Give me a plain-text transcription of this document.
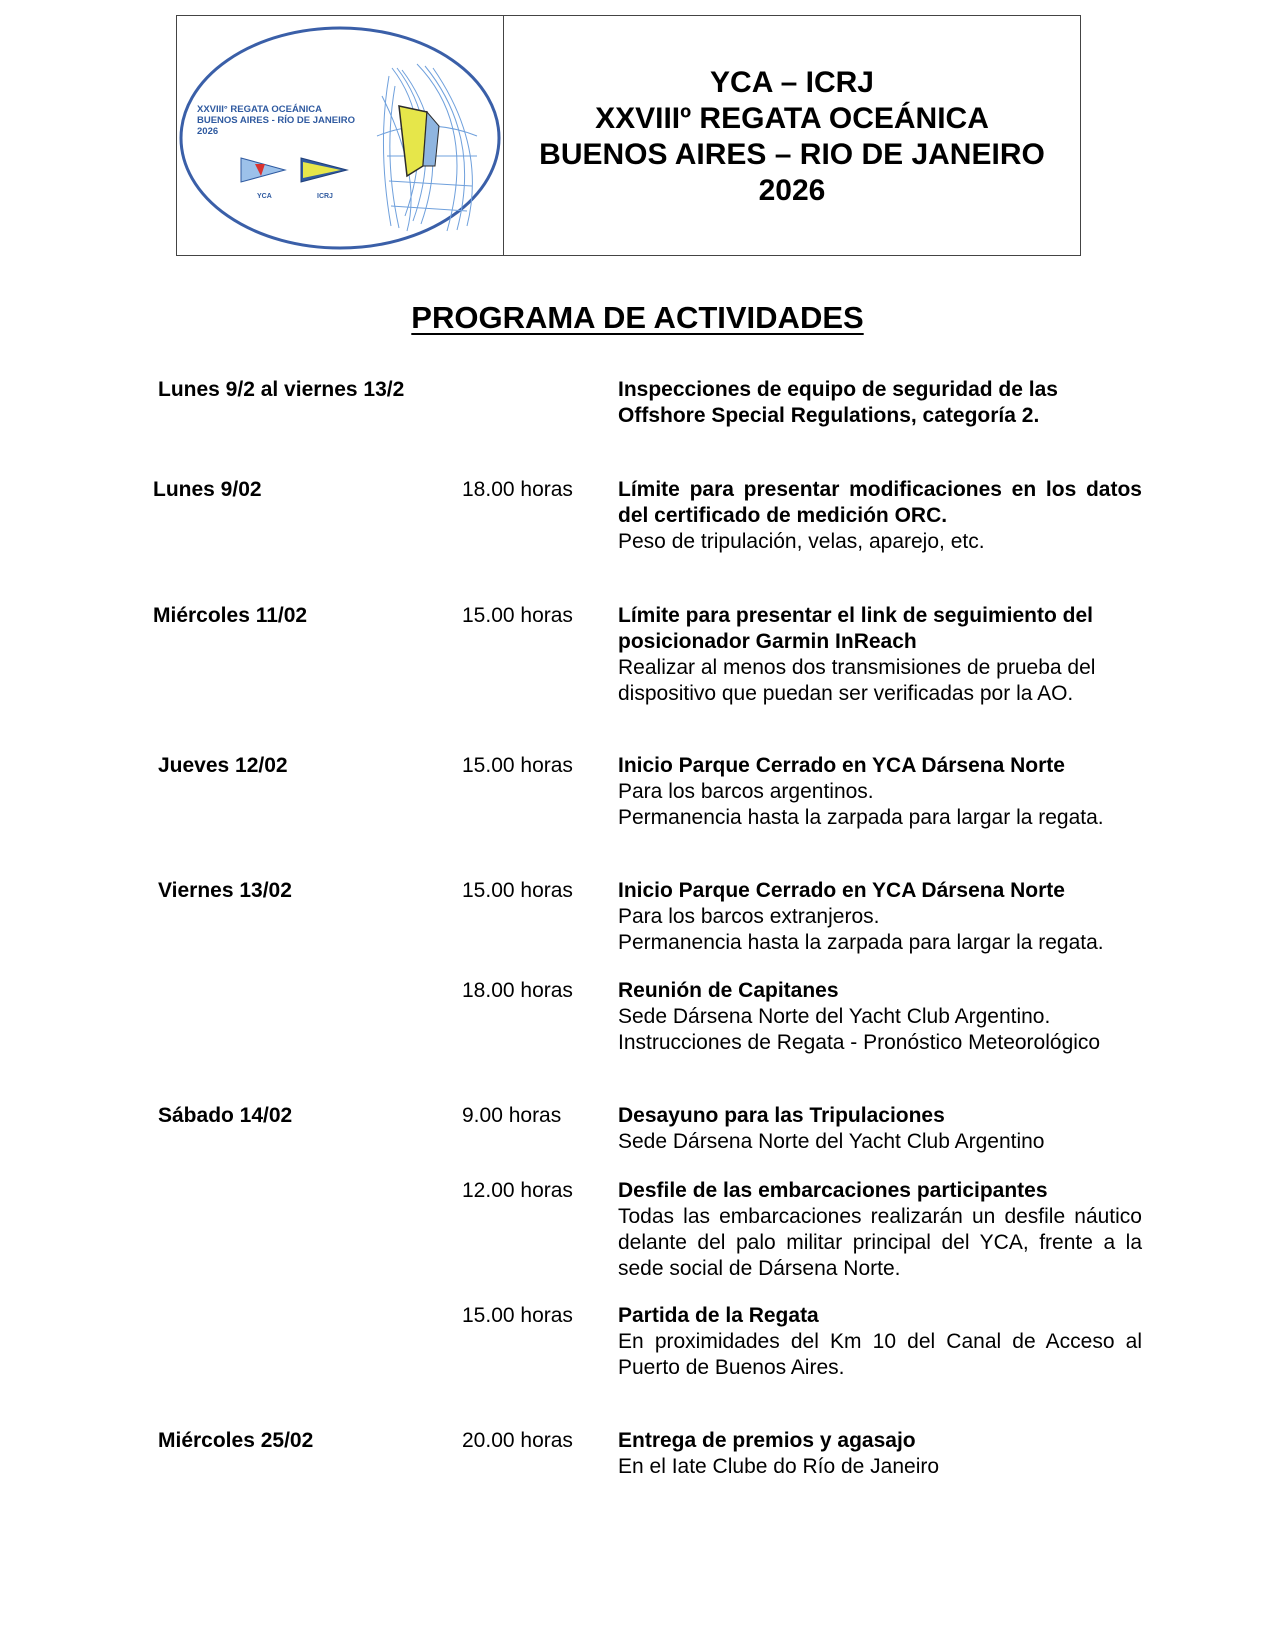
XXVIII° REGATA OCEÁNICA
BUENOS AIRES - RÍO DE JANEIRO
2026
YCA	ICRJ
YCA – ICRJ
XXVIIIº REGATA OCEÁNICA
BUENOS AIRES – RIO DE JANEIRO
2026
PROGRAMA DE ACTIVIDADES
Lunes 9/2 al viernes 13/2	Inspecciones de equipo de seguridad de las Offshore Special Regulations, categoría 2.
Lunes 9/02	18.00 horas Límite para presentar modificaciones en los datos del certificado de medición ORC.
Peso de tripulación, velas, aparejo, etc.
Miércoles 11/02	15.00 horas Límite para presentar el link de seguimiento del posicionador Garmin InReach
Realizar al menos dos transmisiones de prueba del dispositivo que puedan ser verificadas por la AO.
Jueves 12/02	15.00 horas Inicio Parque Cerrado en YCA Dársena Norte
Para los barcos argentinos.
Permanencia hasta la zarpada para largar la regata.
Viernes 13/02	15.00 horas Inicio Parque Cerrado en YCA Dársena Norte
Para los barcos extranjeros.
Permanencia hasta la zarpada para largar la regata.
18.00 horas Reunión de Capitanes
Sede Dársena Norte del Yacht Club Argentino.
Instrucciones de Regata - Pronóstico Meteorológico
Sábado 14/02	9.00 horas	Desayuno para las Tripulaciones
Sede Dársena Norte del Yacht Club Argentino
12.00 horas Desfile de las embarcaciones participantes
Todas las embarcaciones realizarán un desfile náutico delante del palo militar principal del YCA, frente a la sede social de Dársena Norte.
15.00 horas Partida de la Regata
En proximidades del Km 10 del Canal de Acceso al Puerto de Buenos Aires.
Miércoles 25/02	20.00 horas Entrega de premios y agasajo
En el Iate Clube do Río de Janeiro
